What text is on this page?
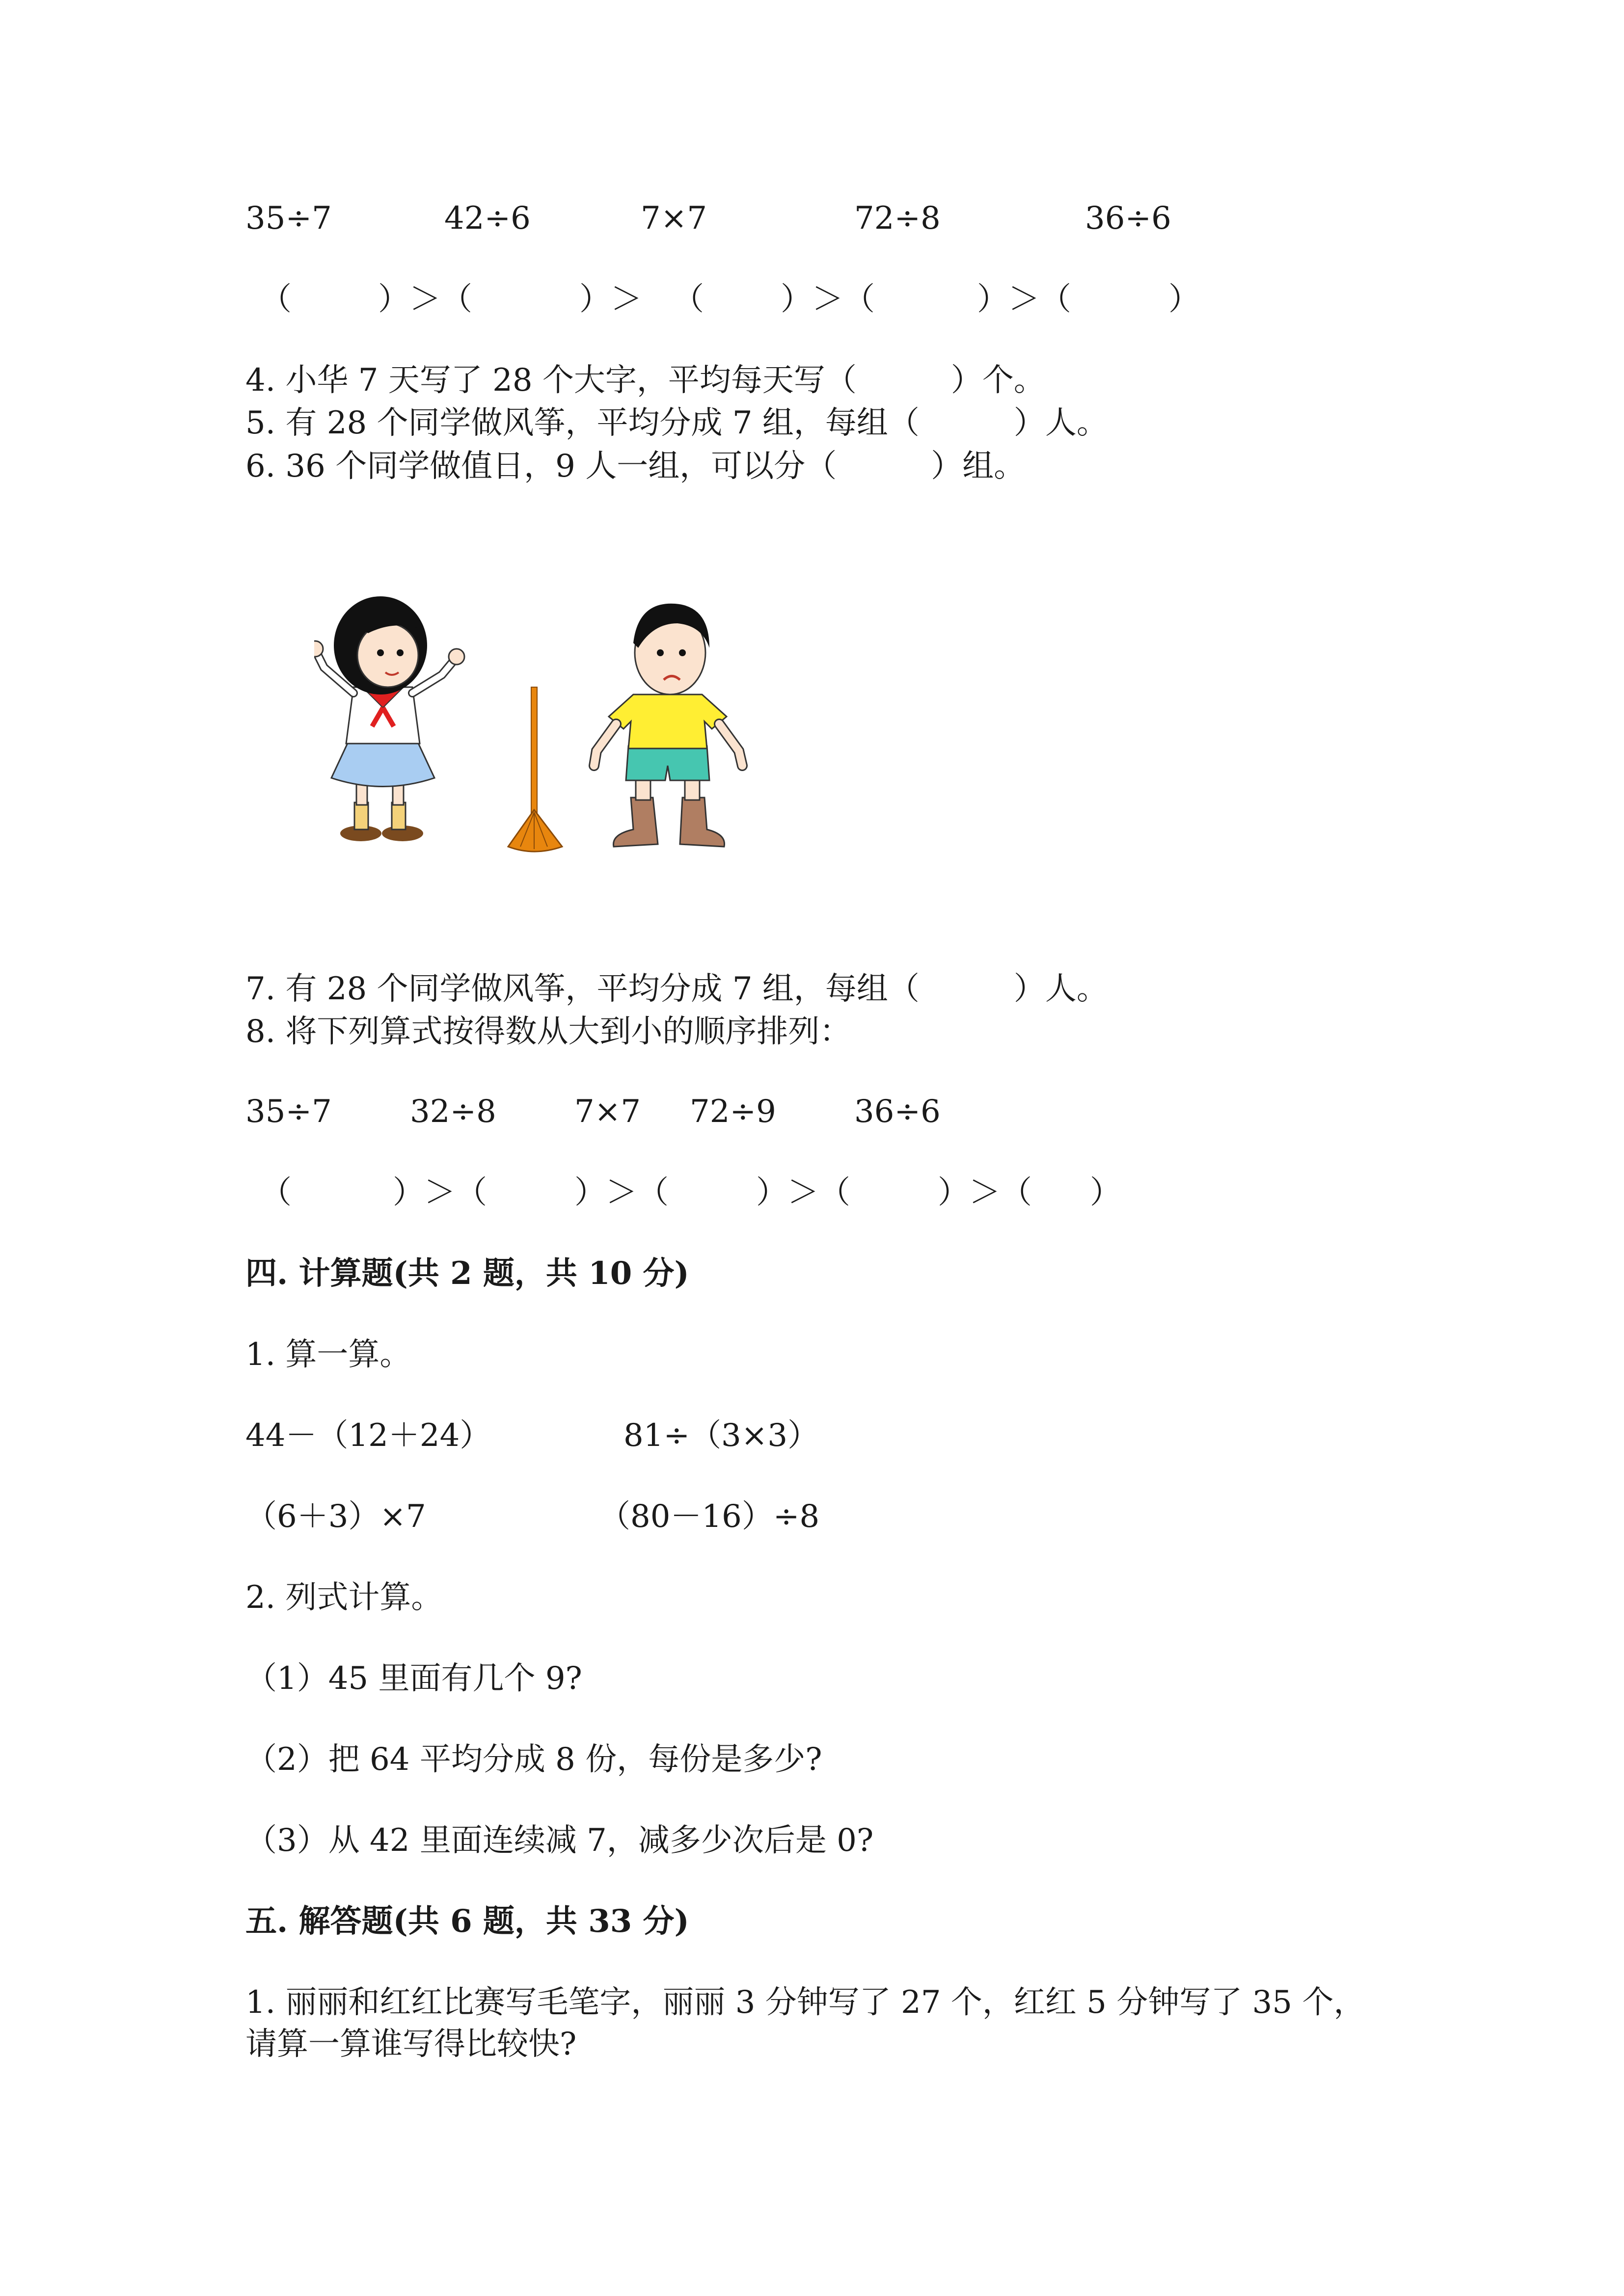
35÷7	42÷6	7×7	72÷8	36÷6
（	）＞（	）＞ （ ）＞（	）＞（	）
4. 小华 7 天写了 28 个大字，平均每天写（　　　）个。
5. 有 28 个同学做风筝，平均分成 7 组，每组（　　　）人。
6. 36 个同学做值日，9 人一组，可以分（　　　）组。
7. 有 28 个同学做风筝，平均分成 7 组，每组（　　　）人。
8. 将下列算式按得数从大到小的顺序排列：
35÷7 32÷8 7×7 72÷9 36÷6
（	）＞（	）＞（	）＞（	）＞（ ）
四. 计算题(共 2 题，共 10 分)
1. 算一算。
44－（12＋24）	81÷（3×3）
（6＋3）×7	（80－16）÷8
2. 列式计算。
（1）45 里面有几个 9?
（2）把 64 平均分成 8 份，每份是多少?
（3）从 42 里面连续减 7，减多少次后是 0?
五. 解答题(共 6 题，共 33 分)
1. 丽丽和红红比赛写毛笔字，丽丽 3 分钟写了 27 个，红红 5 分钟写了 35 个，
请算一算谁写得比较快?
